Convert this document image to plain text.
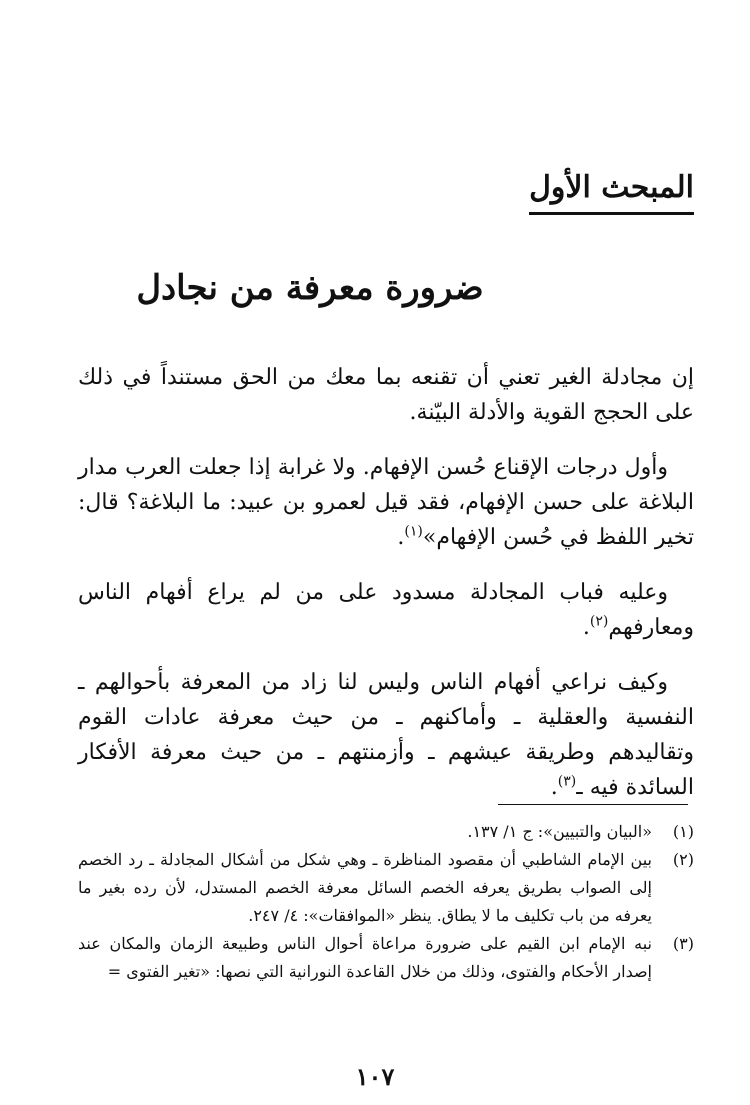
المبحث الأول
ضرورة معرفة من نجادل

إن مجادلة الغير تعني أن تقنعه بما معك من الحق مستنداً في ذلك على الحجج القوية والأدلة البيّنة.

وأول درجات الإقناع حُسن الإفهام. ولا غرابة إذا جعلت العرب مدار البلاغة على حسن الإفهام، فقد قيل لعمرو بن عبيد: ما البلاغة؟ قال: تخير اللفظ في حُسن الإفهام»$^{(١)}$.

وعليه فباب المجادلة مسدود على من لم يراع أفهام الناس ومعارفهم$^{(٢)}$.

وكيف نراعي أفهام الناس وليس لنا زاد من المعرفة بأحوالهم ـ النفسية والعقلية ـ وأماكنهم ـ من حيث معرفة عادات القوم وتقاليدهم وطريقة عيشهم ـ وأزمنتهم ـ من حيث معرفة الأفكار السائدة فيه ـ$^{(٣)}$.

(١)
«البيان والتبيين»: ج ١/ ١٣٧.
(٢)
بين الإمام الشاطبي أن مقصود المناظرة ـ وهي شكل من أشكال المجادلة ـ رد الخصم إلى الصواب بطريق يعرفه الخصم السائل معرفة الخصم المستدل، لأن رده بغير ما يعرفه من باب تكليف ما لا يطاق. ينظر «الموافقات»: ٤/ ٢٤٧.
(٣)
نبه الإمام ابن القيم على ضرورة مراعاة أحوال الناس وطبيعة الزمان والمكان عند إصدار الأحكام والفتوى، وذلك من خلال القاعدة النورانية التي نصها: «تغير الفتوى =
١٠٧
